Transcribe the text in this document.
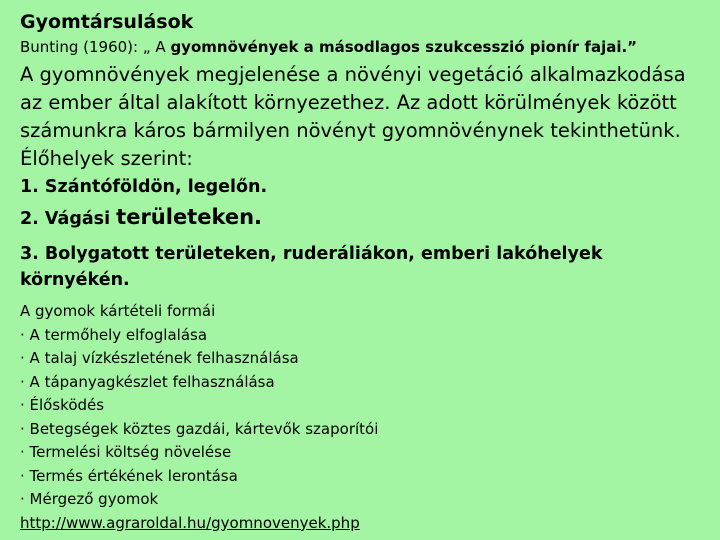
Gyomtársulások

Bunting (1960): „ A gyomnövények a másodlagos szukcesszió pionír fajai.”

A gyomnövények megjelenése a növényi vegetáció alkalmazkodása az ember által alakított környezethez. Az adott körülmények között számunkra káros bármilyen növényt gyomnövénynek tekinthetünk.

Élőhelyek szerint:

1. Szántóföldön, legelőn.

2. Vágási területeken.

3. Bolygatott területeken, ruderáliákon, emberi lakóhelyek környékén.

A gyomok kártételi formái

· A termőhely elfoglalása
· A talaj vízkészletének felhasználása
· A tápanyagkészlet felhasználása
· Élősködés
· Betegségek köztes gazdái, kártevők szaporítói
· Termelési költség növelése
· Termés értékének lerontása
· Mérgező gyomok
http://www.agraroldal.hu/gyomnovenyek.php
